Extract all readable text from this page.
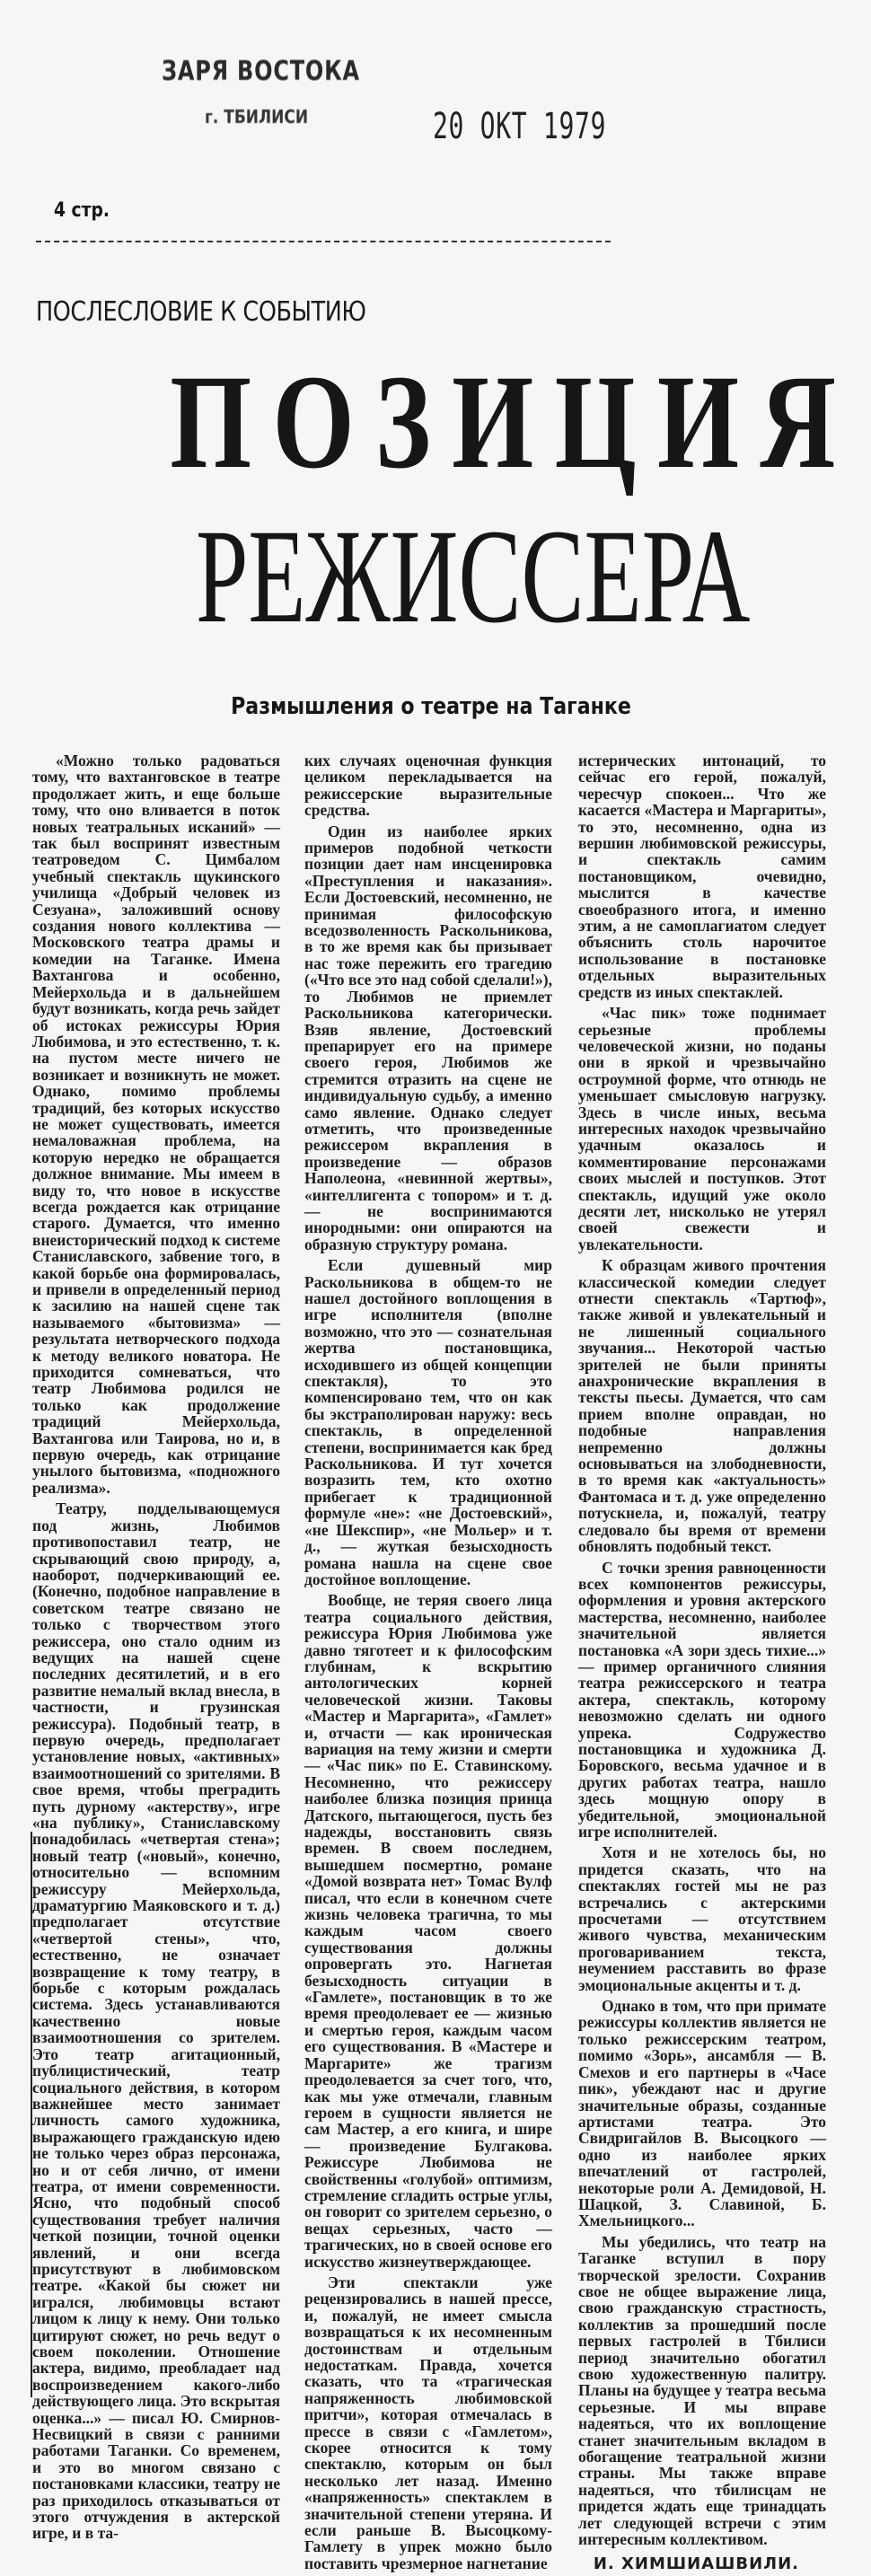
ЗАРЯ ВОСТОКА
г. ТБИЛИСИ	20 ОКТ 1979
4 стр.
ПОСЛЕСЛОВИЕ К СОБЫТИЮ
ПОЗИЦИЯ
РЕЖИССЕРА
Размышления о театре на Таганке

«Можно только радоваться тому, что вахтанговское в театре продолжает жить, и еще больше тому, что оно вливается в поток новых театральных исканий» — так был воспринят известным театроведом С. Цимбалом учебный спектакль щукинского училища «Добрый человек из Сезуана», заложивший основу создания нового коллектива — Московского театра драмы и комедии на Таганке. Имена Вахтангова и особенно, Мейерхольда и в дальнейшем будут возникать, когда речь зайдет об истоках режиссуры Юрия Любимова, и это естественно, т. к. на пустом месте ничего не возникает и возникнуть не может. Однако, помимо проблемы традиций, без которых искусство не может существовать, имеется немаловажная проблема, на которую нередко не обращается должное внимание. Мы имеем в виду то, что новое в искусстве всегда рождается как отрицание старого. Думается, что именно внеисторический подход к системе Станиславского, забвение того, в какой борьбе она формировалась, и привели в определенный период к засилию на нашей сцене так называемого «бытовизма» — результата нетворческого подхода к методу великого новатора. Не приходится сомневаться, что театр Любимова родился не только как продолжение традиций Мейерхольда, Вахтангова или Таирова, но и, в первую очередь, как отрицание унылого бытовизма, «подножного реализма».

Театру, подделывающемуся под жизнь, Любимов противопоставил театр, не скрывающий свою природу, а, наоборот, подчеркивающий ее. (Конечно, подобное направление в советском театре связано не только с творчеством этого режиссера, оно стало одним из ведущих на нашей сцене последних десятилетий, и в его развитие немалый вклад внесла, в частности, и грузинская режиссура). Подобный театр, в первую очередь, предполагает установление новых, «активных» взаимоотношений со зрителями. В свое время, чтобы преградить путь дурному «актерству», игре «на публику», Станиславскому понадобилась «четвертая стена»; новый театр («новый», конечно, относительно — вспомним режиссуру Мейерхольда, драматургию Маяковского и т. д.) предполагает отсутствие «четвертой стены», что, естественно, не означает возвращение к тому театру, в борьбе с которым рождалась система. Здесь устанавливаются качественно новые взаимоотношения со зрителем. Это театр агитационный, публицистический, театр социального действия, в котором важнейшее место занимает личность самого художника, выражающего гражданскую идею не только через образ персонажа, но и от себя лично, от имени театра, от имени современности. Ясно, что подобный способ существования требует наличия четкой позиции, точной оценки явлений, и они всегда присутствуют в любимовском театре. «Какой бы сюжет ни игрался, любимовцы встают лицом к лицу к нему. Они только цитируют сюжет, но речь ведут о своем поколении. Отношение актера, видимо, преобладает над воспроизведением какого-либо действующего лица. Это вскрытая оценка...» — писал Ю. Смирнов-Несвицкий в связи с ранними работами Таганки. Со временем, и это во многом связано с постановками классики, театру не раз приходилось отказываться от этого отчуждения в актерской игре, и в та-

ких случаях оценочная функция целиком перекладывается на режиссерские выразительные средства.

Один из наиболее ярких примеров подобной четкости позиции дает нам инсценировка «Преступления и наказания». Если Достоевский, несомненно, не принимая философскую вседозволенность Раскольникова, в то же время как бы призывает нас тоже пережить его трагедию («Что все это над собой сделали!»), то Любимов не приемлет Раскольникова категорически. Взяв явление, Достоевский препарирует его на примере своего героя, Любимов же стремится отразить на сцене не индивидуальную судьбу, а именно само явление. Однако следует отметить, что произведенные режиссером вкрапления в произведение — образов Наполеона, «невинной жертвы», «интеллигента с топором» и т. д. — не воспринимаются инородными: они опираются на образную структуру романа.

Если душевный мир Раскольникова в общем-то не нашел достойного воплощения в игре исполнителя (вполне возможно, что это — сознательная жертва постановщика, исходившего из общей концепции спектакля), то это компенсировано тем, что он как бы экстраполирован наружу: весь спектакль, в определенной степени, воспринимается как бред Раскольникова. И тут хочется возразить тем, кто охотно прибегает к традиционной формуле «не»: «не Достоевский», «не Шекспир», «не Мольер» и т. д., — жуткая безысходность романа нашла на сцене свое достойное воплощение.

Вообще, не теряя своего лица театра социального действия, режиссура Юрия Любимова уже давно тяготеет и к философским глубинам, к вскрытию антологических корней человеческой жизни. Таковы «Мастер и Маргарита», «Гамлет» и, отчасти — как ироническая вариация на тему жизни и смерти — «Час пик» по Е. Ставинскому. Несомненно, что режиссеру наиболее близка позиция принца Датского, пытающегося, пусть без надежды, восстановить связь времен. В своем последнем, вышедшем посмертно, романе «Домой возврата нет» Томас Вулф писал, что если в конечном счете жизнь человека трагична, то мы каждым часом своего существования должны опровергать это. Нагнетая безысходность ситуации в «Гамлете», постановщик в то же время преодолевает ее — жизнью и смертью героя, каждым часом его существования. В «Мастере и Маргарите» же трагизм преодолевается за счет того, что, как мы уже отмечали, главным героем в сущности является не сам Мастер, а его книга, и шире — произведение Булгакова. Режиссуре Любимова не свойственны «голубой» оптимизм, стремление сгладить острые углы, он говорит со зрителем серьезно, о вещах серьезных, часто — трагических, но в своей основе его искусство жизнеутверждающее.

Эти спектакли уже рецензировались в нашей прессе, и, пожалуй, не имеет смысла возвращаться к их несомненным достоинствам и отдельным недостаткам. Правда, хочется сказать, что та «трагическая напряженность любимовской притчи», которая отмечалась в прессе в связи с «Гамлетом», скорее относится к тому спектаклю, которым он был несколько лет назад. Именно «напряженность» спектаклем в значительной степени утеряна. И если раньше В. Высоцкому-Гамлету в упрек можно было поставить чрезмерное нагнетание

истерических интонаций, то сейчас его герой, пожалуй, чересчур спокоен... Что же касается «Мастера и Маргариты», то это, несомненно, одна из вершин любимовской режиссуры, и спектакль самим постановщиком, очевидно, мыслится в качестве своеобразного итога, и именно этим, а не самоплагиатом следует объяснить столь нарочитое использование в постановке отдельных выразительных средств из иных спектаклей.

«Час пик» тоже поднимает серьезные проблемы человеческой жизни, но поданы они в яркой и чрезвычайно остроумной форме, что отнюдь не уменьшает смысловую нагрузку. Здесь в числе иных, весьма интересных находок чрезвычайно удачным оказалось и комментирование персонажами своих мыслей и поступков. Этот спектакль, идущий уже около десяти лет, нисколько не утерял своей свежести и увлекательности.

К образцам живого прочтения классической комедии следует отнести спектакль «Тартюф», также живой и увлекательный и не лишенный социального звучания... Некоторой частью зрителей не были приняты анахронические вкрапления в тексты пьесы. Думается, что сам прием вполне оправдан, но подобные направления непременно должны основываться на злободневности, в то время как «актуальность» Фантомаса и т. д. уже определенно потускнела, и, пожалуй, театру следовало бы время от времени обновлять подобный текст.

С точки зрения равноценности всех компонентов режиссуры, оформления и уровня актерского мастерства, несомненно, наиболее значительной является постановка «А зори здесь тихие...» — пример органичного слияния театра режиссерского и театра актера, спектакль, которому невозможно сделать ни одного упрека. Содружество постановщика и художника Д. Боровского, весьма удачное и в других работах театра, нашло здесь мощную опору в убедительной, эмоциональной игре исполнителей.

Хотя и не хотелось бы, но придется сказать, что на спектаклях гостей мы не раз встречались с актерскими просчетами — отсутствием живого чувства, механическим проговариванием текста, неумением расставить во фразе эмоциональные акценты и т. д.

Однако в том, что при примате режиссуры коллектив является не только режиссерским театром, помимо «Зорь», ансамбля — В. Смехов и его партнеры в «Часе пик», убеждают нас и другие значительные образы, созданные артистами театра. Это Свидригайлов В. Высоцкого — одно из наиболее ярких впечатлений от гастролей, некоторые роли А. Демидовой, Н. Шацкой, З. Славиной, Б. Хмельницкого...

Мы убедились, что театр на Таганке вступил в пору творческой зрелости. Сохранив свое не общее выражение лица, свою гражданскую страстность, коллектив за прошедший после первых гастролей в Тбилиси период значительно обогатил свою художественную палитру. Планы на будущее у театра весьма серьезные. И мы вправе надеяться, что их воплощение станет значительным вкладом в обогащение театральной жизни страны. Мы также вправе надеяться, что тбилисцам не придется ждать еще тринадцать лет следующей встречи с этим интересным коллективом.

И. ХИМШИАШВИЛИ.
